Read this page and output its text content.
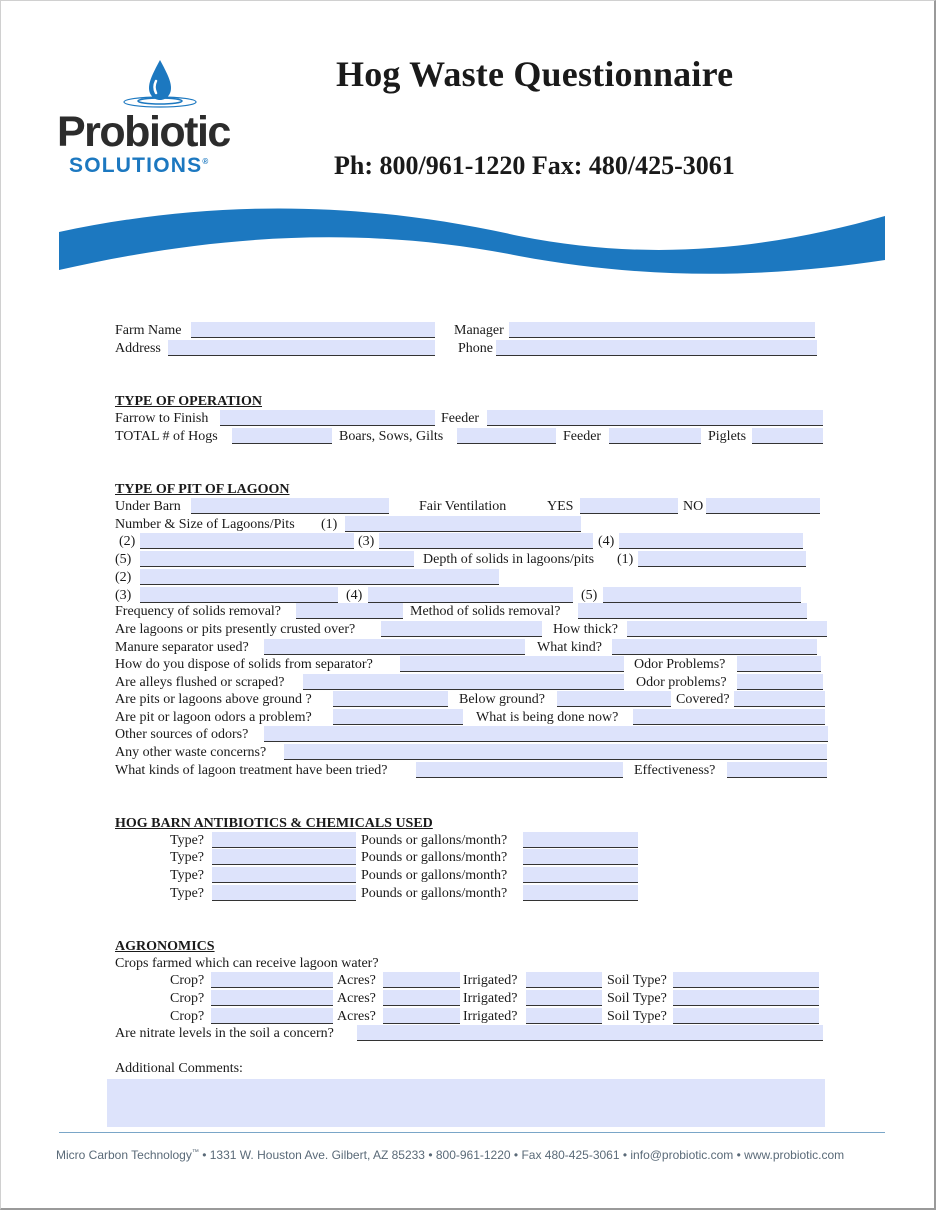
Probiotic
SOLUTIONS®
Hog Waste Questionnaire
Ph: 800/961-1220 Fax: 480/425-3061
Farm Name	Manager
Address	Phone
TYPE OF OPERATION
Farrow to Finish	Feeder
TOTAL # of Hogs	Boars, Sows, Gilts	Feeder	Piglets
TYPE OF PIT OF LAGOON
Under Barn	Fair Ventilation	YES	NO
Number & Size of Lagoons/Pits (1)
(2)	(3)	(4)
(5)	Depth of solids in lagoons/pits (1)
(2)
(3)	(4)	(5)
Frequency of solids removal?	Method of solids removal?
Are lagoons or pits presently crusted over?	How thick?
Manure separator used?	What kind?
How do you dispose of solids from separator?	Odor Problems?
Are alleys flushed or scraped?	Odor problems?
Are pits or lagoons above ground ?	Below ground?	Covered?
Are pit or lagoon odors a problem?	What is being done now?
Other sources of odors?
Any other waste concerns?
What kinds of lagoon treatment have been tried?	Effectiveness?
HOG BARN ANTIBIOTICS & CHEMICALS USED
Type?	Pounds or gallons/month?
Type?	Pounds or gallons/month?
Type?	Pounds or gallons/month?
Type?	Pounds or gallons/month?
AGRONOMICS
Crops farmed which can receive lagoon water?
Crop?	Acres?	Irrigated?	Soil Type?
Crop?	Acres?	Irrigated?	Soil Type?
Crop?	Acres?	Irrigated?	Soil Type?
Are nitrate levels in the soil a concern?
Additional Comments:
Micro Carbon Technology™ • 1331 W. Houston Ave. Gilbert, AZ 85233 • 800-961-1220 • Fax 480-425-3061 • info@probiotic.com • www.probiotic.com
